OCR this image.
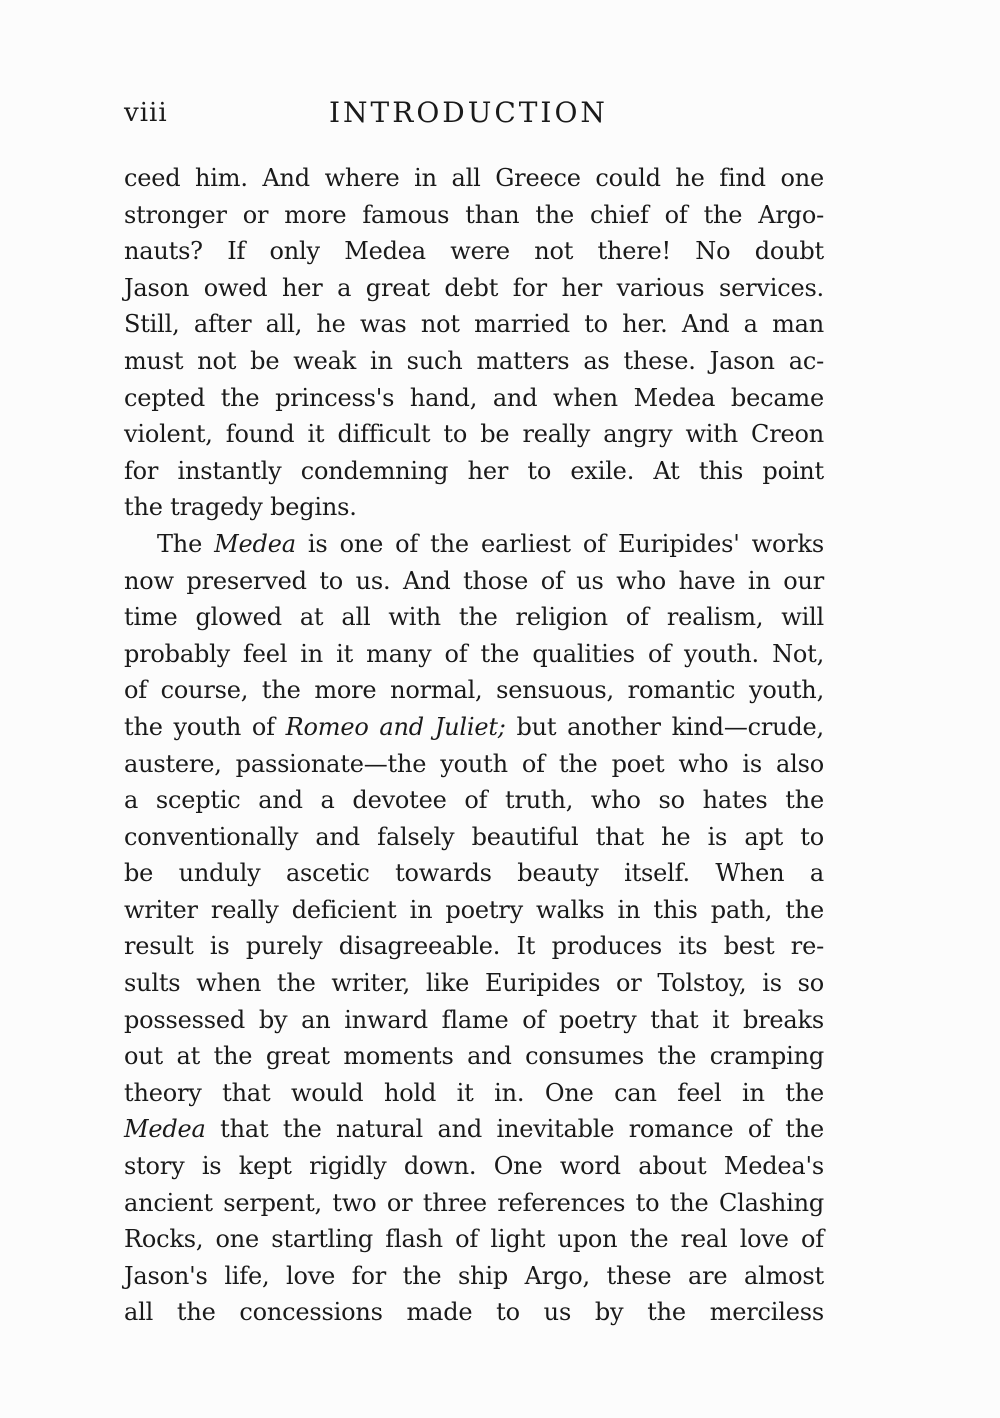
viii	INTRODUCTION
ceed him. And where in all Greece could he find one
stronger or more famous than the chief of the Argo-
nauts? If only Medea were not there! No doubt
Jason owed her a great debt for her various services.
Still, after all, he was not married to her. And a man
must not be weak in such matters as these. Jason ac-
cepted the princess's hand, and when Medea became
violent, found it difficult to be really angry with Creon
for instantly condemning her to exile. At this point
the tragedy begins.
The Medea is one of the earliest of Euripides' works
now preserved to us. And those of us who have in our
time glowed at all with the religion of realism, will
probably feel in it many of the qualities of youth. Not,
of course, the more normal, sensuous, romantic youth,
the youth of Romeo and Juliet; but another kind—crude,
austere, passionate—the youth of the poet who is also
a sceptic and a devotee of truth, who so hates the
conventionally and falsely beautiful that he is apt to
be unduly ascetic towards beauty itself. When a
writer really deficient in poetry walks in this path, the
result is purely disagreeable. It produces its best re-
sults when the writer, like Euripides or Tolstoy, is so
possessed by an inward flame of poetry that it breaks
out at the great moments and consumes the cramping
theory that would hold it in. One can feel in the
Medea that the natural and inevitable romance of the
story is kept rigidly down. One word about Medea's
ancient serpent, two or three references to the Clashing
Rocks, one startling flash of light upon the real love of
Jason's life, love for the ship Argo, these are almost
all the concessions made to us by the merciless
